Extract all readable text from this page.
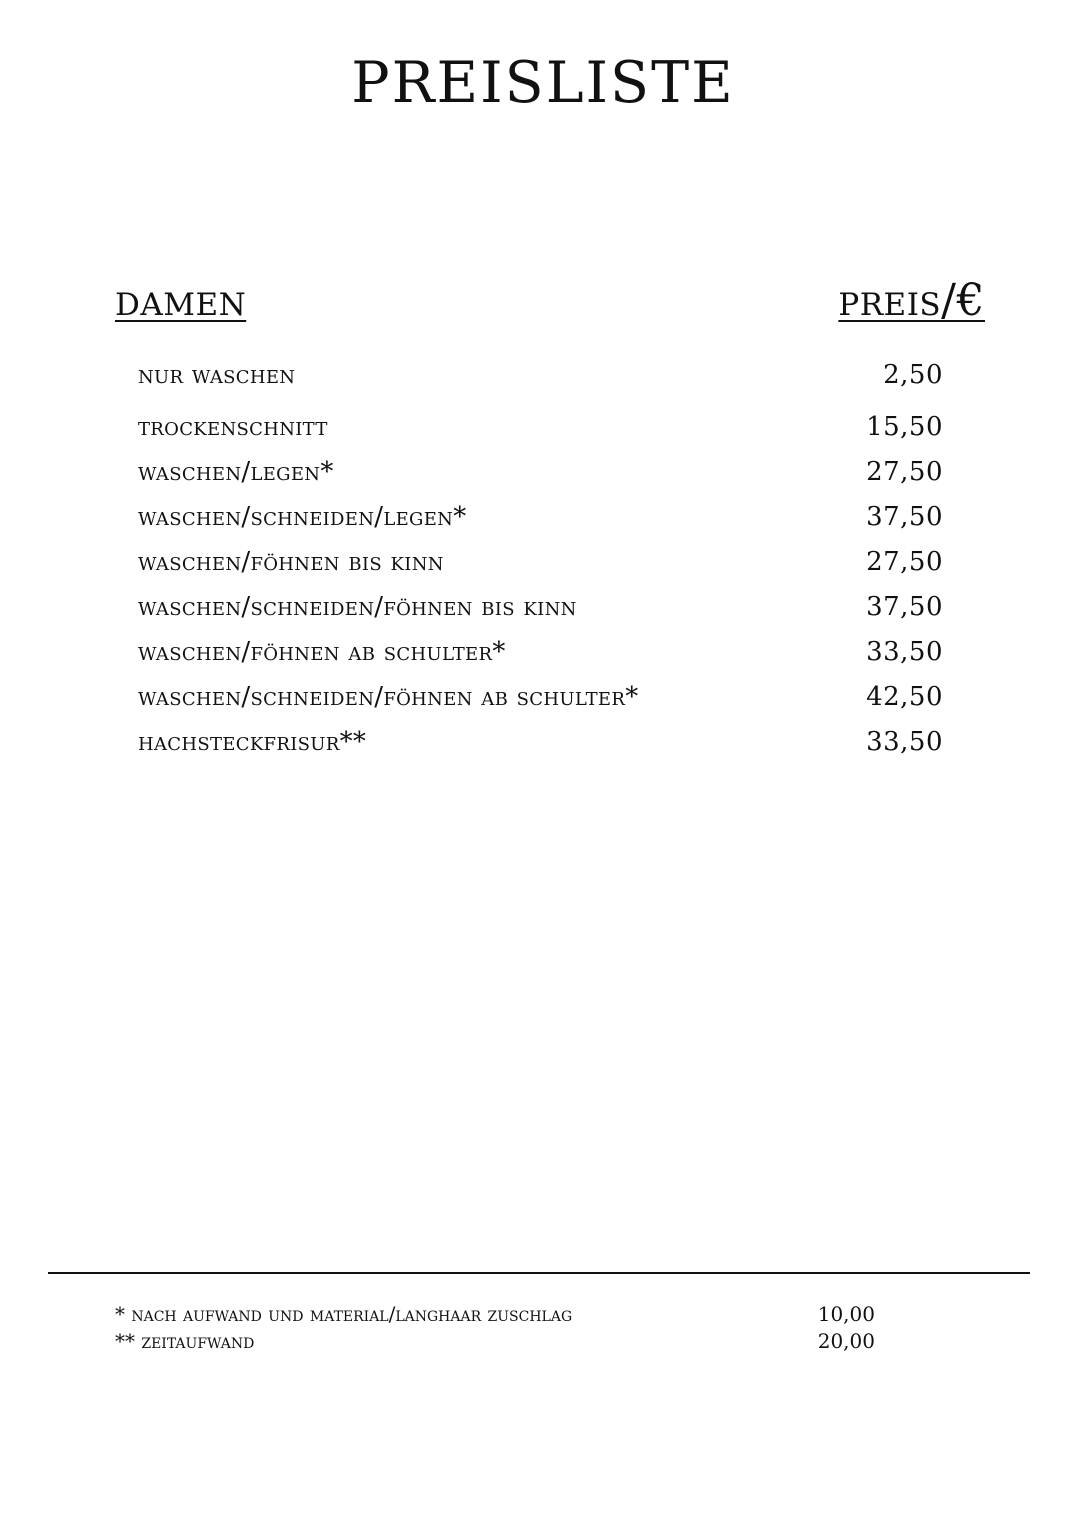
preisliste
damen	preis/€
nur waschen	2,50
trockenschnitt	15,50
waschen/legen*	27,50
waschen/schneiden/legen*	37,50
waschen/föhnen bis kinn	27,50
waschen/schneiden/föhnen bis kinn	37,50
waschen/föhnen ab schulter*	33,50
waschen/schneiden/föhnen ab schulter*	42,50
hachsteckfrisur**	33,50
* nach aufwand und material/langhaar zuschlag	10,00
** zeitaufwand	20,00
